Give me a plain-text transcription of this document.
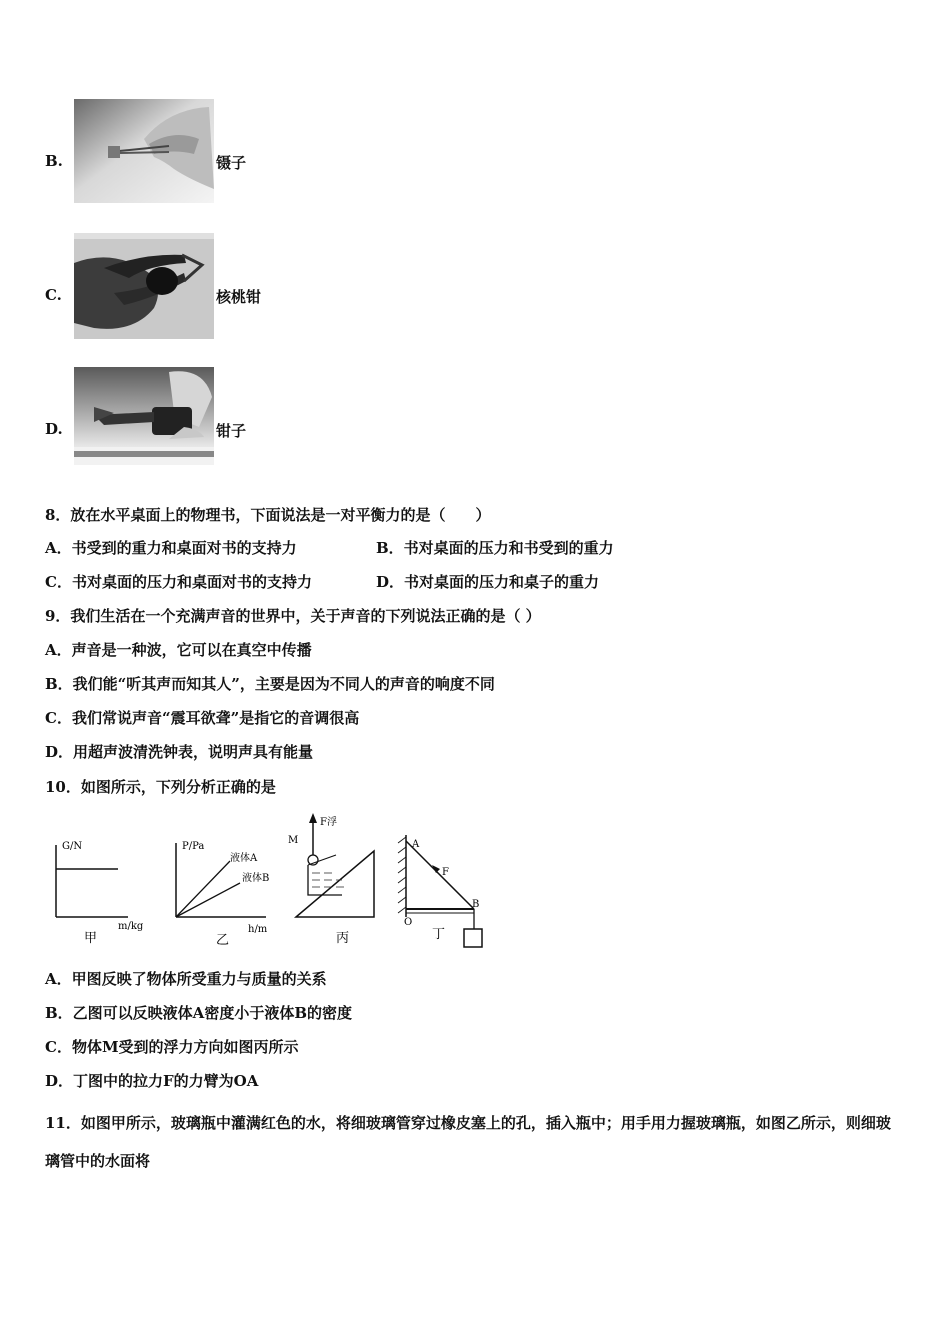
B.	镊子
C.	核桃钳
D.	钳子
8．放在水平桌面上的物理书，下面说法是一对平衡力的是（　　）
A．书受到的重力和桌面对书的支持力	B．书对桌面的压力和书受到的重力
C．书对桌面的压力和桌面对书的支持力	D．书对桌面的压力和桌子的重力
9．我们生活在一个充满声音的世界中，关于声音的下列说法正确的是（ ）
A．声音是一种波，它可以在真空中传播
B．我们能“听其声而知其人”，主要是因为不同人的声音的响度不同
C．我们常说声音“震耳欲聋”是指它的音调很高
D．用超声波清洗钟表，说明声具有能量
10．如图所示，下列分析正确的是
G/N
m/kg
甲
P/Pa
液体A
液体B
h/m
乙
M
F浮
丙
A
F
B
O
丁
A．甲图反映了物体所受重力与质量的关系
B．乙图可以反映液体A密度小于液体B的密度
C．物体M受到的浮力方向如图丙所示
D．丁图中的拉力F的力臂为OA
11．如图甲所示，玻璃瓶中灌满红色的水，将细玻璃管穿过橡皮塞上的孔，插入瓶中；用手用力握玻璃瓶，如图乙所示，则细玻璃管中的水面将
